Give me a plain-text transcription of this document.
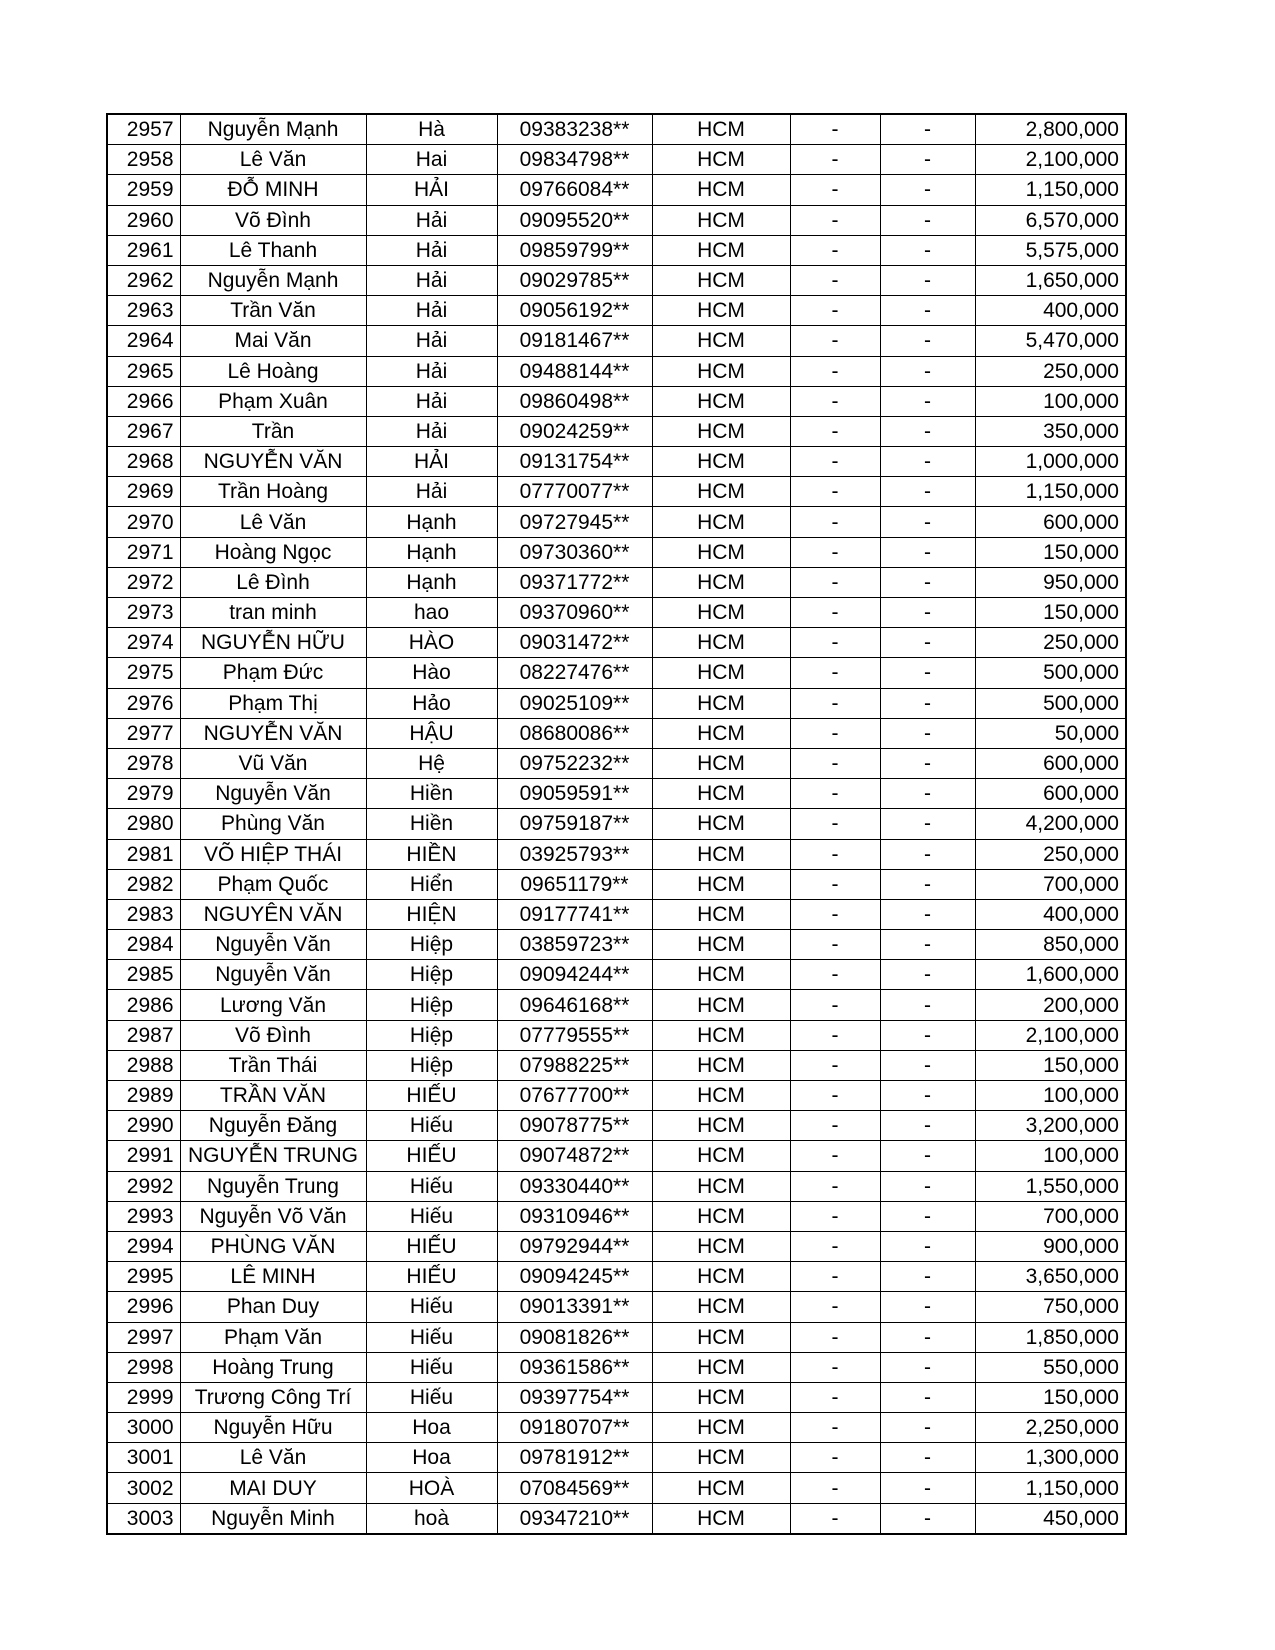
2957	Nguyễn Mạnh	Hà	09383238**	HCM	-	-	2,800,000
2958	Lê Văn	Hai	09834798**	HCM	-	-	2,100,000
2959	ĐỖ MINH	HẢI	09766084**	HCM	-	-	1,150,000
2960	Võ Đình	Hải	09095520**	HCM	-	-	6,570,000
2961	Lê Thanh	Hải	09859799**	HCM	-	-	5,575,000
2962	Nguyễn Mạnh	Hải	09029785**	HCM	-	-	1,650,000
2963	Trần Văn	Hải	09056192**	HCM	-	-	400,000
2964	Mai Văn	Hải	09181467**	HCM	-	-	5,470,000
2965	Lê Hoàng	Hải	09488144**	HCM	-	-	250,000
2966	Phạm Xuân	Hải	09860498**	HCM	-	-	100,000
2967	Trần	Hải	09024259**	HCM	-	-	350,000
2968	NGUYỄN VĂN	HẢI	09131754**	HCM	-	-	1,000,000
2969	Trần Hoàng	Hải	07770077**	HCM	-	-	1,150,000
2970	Lê Văn	Hạnh	09727945**	HCM	-	-	600,000
2971	Hoàng Ngọc	Hạnh	09730360**	HCM	-	-	150,000
2972	Lê Đình	Hạnh	09371772**	HCM	-	-	950,000
2973	tran minh	hao	09370960**	HCM	-	-	150,000
2974	NGUYỄN HỮU	HÀO	09031472**	HCM	-	-	250,000
2975	Phạm Đức	Hào	08227476**	HCM	-	-	500,000
2976	Phạm Thị	Hảo	09025109**	HCM	-	-	500,000
2977	NGUYỄN VĂN	HẬU	08680086**	HCM	-	-	50,000
2978	Vũ Văn	Hệ	09752232**	HCM	-	-	600,000
2979	Nguyễn Văn	Hiền	09059591**	HCM	-	-	600,000
2980	Phùng Văn	Hiền	09759187**	HCM	-	-	4,200,000
2981	VÕ HIỆP THÁI	HIỀN	03925793**	HCM	-	-	250,000
2982	Phạm Quốc	Hiển	09651179**	HCM	-	-	700,000
2983	NGUYÊN VĂN	HIỆN	09177741**	HCM	-	-	400,000
2984	Nguyễn Văn	Hiệp	03859723**	HCM	-	-	850,000
2985	Nguyễn Văn	Hiệp	09094244**	HCM	-	-	1,600,000
2986	Lương Văn	Hiệp	09646168**	HCM	-	-	200,000
2987	Võ Đình	Hiệp	07779555**	HCM	-	-	2,100,000
2988	Trần Thái	Hiệp	07988225**	HCM	-	-	150,000
2989	TRẦN VĂN	HIẾU	07677700**	HCM	-	-	100,000
2990	Nguyễn Đăng	Hiếu	09078775**	HCM	-	-	3,200,000
2991	NGUYỄN TRUNG	HIẾU	09074872**	HCM	-	-	100,000
2992	Nguyễn Trung	Hiếu	09330440**	HCM	-	-	1,550,000
2993	Nguyễn Võ Văn	Hiếu	09310946**	HCM	-	-	700,000
2994	PHÙNG VĂN	HIẾU	09792944**	HCM	-	-	900,000
2995	LÊ MINH	HIẾU	09094245**	HCM	-	-	3,650,000
2996	Phan Duy	Hiếu	09013391**	HCM	-	-	750,000
2997	Phạm Văn	Hiếu	09081826**	HCM	-	-	1,850,000
2998	Hoàng Trung	Hiếu	09361586**	HCM	-	-	550,000
2999	Trương Công Trí	Hiếu	09397754**	HCM	-	-	150,000
3000	Nguyễn Hữu	Hoa	09180707**	HCM	-	-	2,250,000
3001	Lê Văn	Hoa	09781912**	HCM	-	-	1,300,000
3002	MAI DUY	HOÀ	07084569**	HCM	-	-	1,150,000
3003	Nguyễn Minh	hoà	09347210**	HCM	-	-	450,000
